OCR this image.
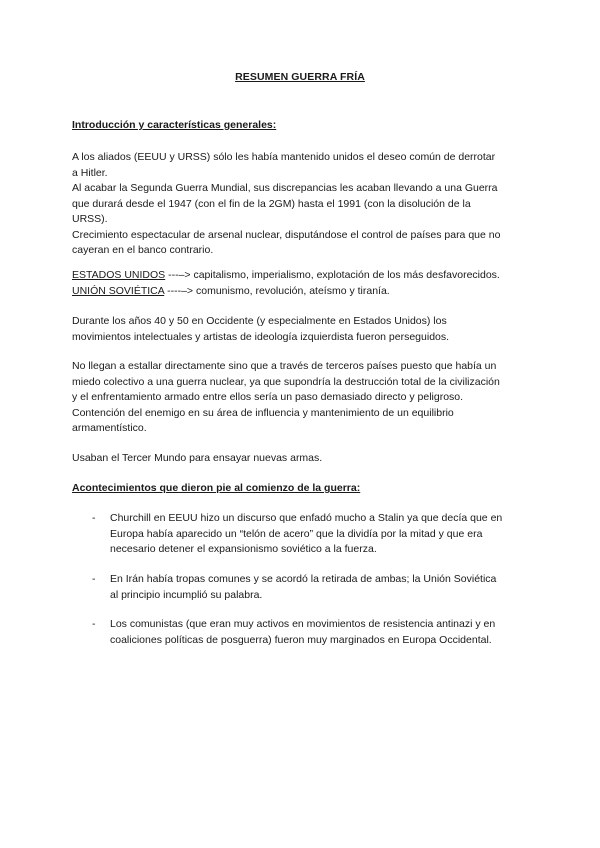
RESUMEN GUERRA FRÍA
Introducción y características generales:

A los aliados (EEUU y URSS) sólo les había mantenido unidos el deseo común de derrotar

a Hitler.

Al acabar la Segunda Guerra Mundial, sus discrepancias les acaban llevando a una Guerra

que durará desde el 1947 (con el fin de la 2GM) hasta el 1991 (con la disolución de la

URSS).

Crecimiento espectacular de arsenal nuclear, disputándose el control de países para que no

cayeran en el banco contrario.

ESTADOS UNIDOS ---–> capitalismo, imperialismo, explotación de los más desfavorecidos.

UNIÓN SOVIÉTICA ----–> comunismo, revolución, ateísmo y tiranía.

Durante los años 40 y 50 en Occidente (y especialmente en Estados Unidos) los

movimientos intelectuales y artistas de ideología izquierdista fueron perseguidos.

No llegan a estallar directamente sino que a través de terceros países puesto que había un

miedo colectivo a una guerra nuclear, ya que supondría la destrucción total de la civilización

y el enfrentamiento armado entre ellos sería un paso demasiado directo y peligroso.

Contención del enemigo en su área de influencia y mantenimiento de un equilibrio

armamentístico.

Usaban el Tercer Mundo para ensayar nuevas armas.

Acontecimientos que dieron pie al comienzo de la guerra:
- Churchill en EEUU hizo un discurso que enfadó mucho a Stalin ya que decía que en

Europa había aparecido un “telón de acero” que la dividía por la mitad y que era

necesario detener el expansionismo soviético a la fuerza.

- En Irán había tropas comunes y se acordó la retirada de ambas; la Unión Soviética

al principio incumplió su palabra.

- Los comunistas (que eran muy activos en movimientos de resistencia antinazi y en

coaliciones políticas de posguerra) fueron muy marginados en Europa Occidental.
